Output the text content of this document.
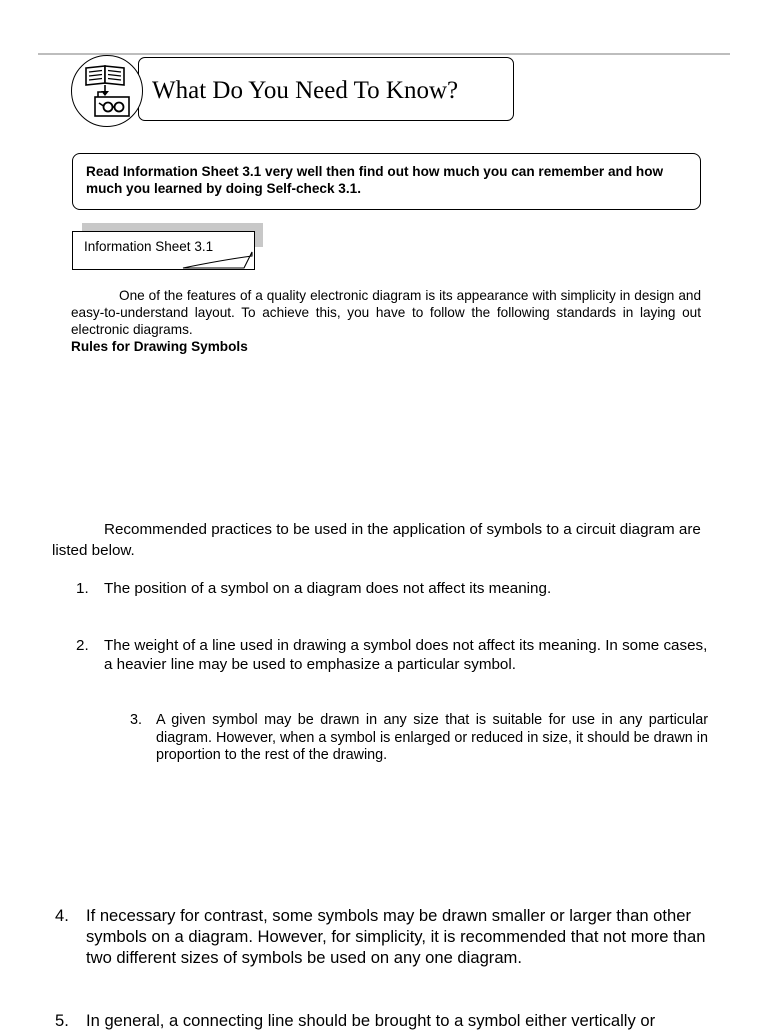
What Do You Need To Know?
Read Information Sheet 3.1 very well then find out how much you can remember and how much you learned by doing Self-check 3.1.
Information Sheet 3.1
One of the features of a quality electronic diagram is its appearance with simplicity in design and easy-to-understand layout. To achieve this, you have to follow the following standards in laying out electronic diagrams.
Rules for Drawing Symbols
Recommended practices to be used in the application of symbols to a circuit diagram are listed below.
1. The position of a symbol on a diagram does not affect its meaning.
2. The weight of a line used in drawing a symbol does not affect its meaning. In some cases, a heavier line may be used to emphasize a particular symbol.
3. A given symbol may be drawn in any size that is suitable for use in any particular diagram. However, when a symbol is enlarged or reduced in size, it should be drawn in proportion to the rest of the drawing.
4. If necessary for contrast, some symbols may be drawn smaller or larger than other symbols on a diagram. However, for simplicity, it is recommended that not more than two different sizes of symbols be used on any one diagram.
5. In general, a connecting line should be brought to a symbol either vertically or
